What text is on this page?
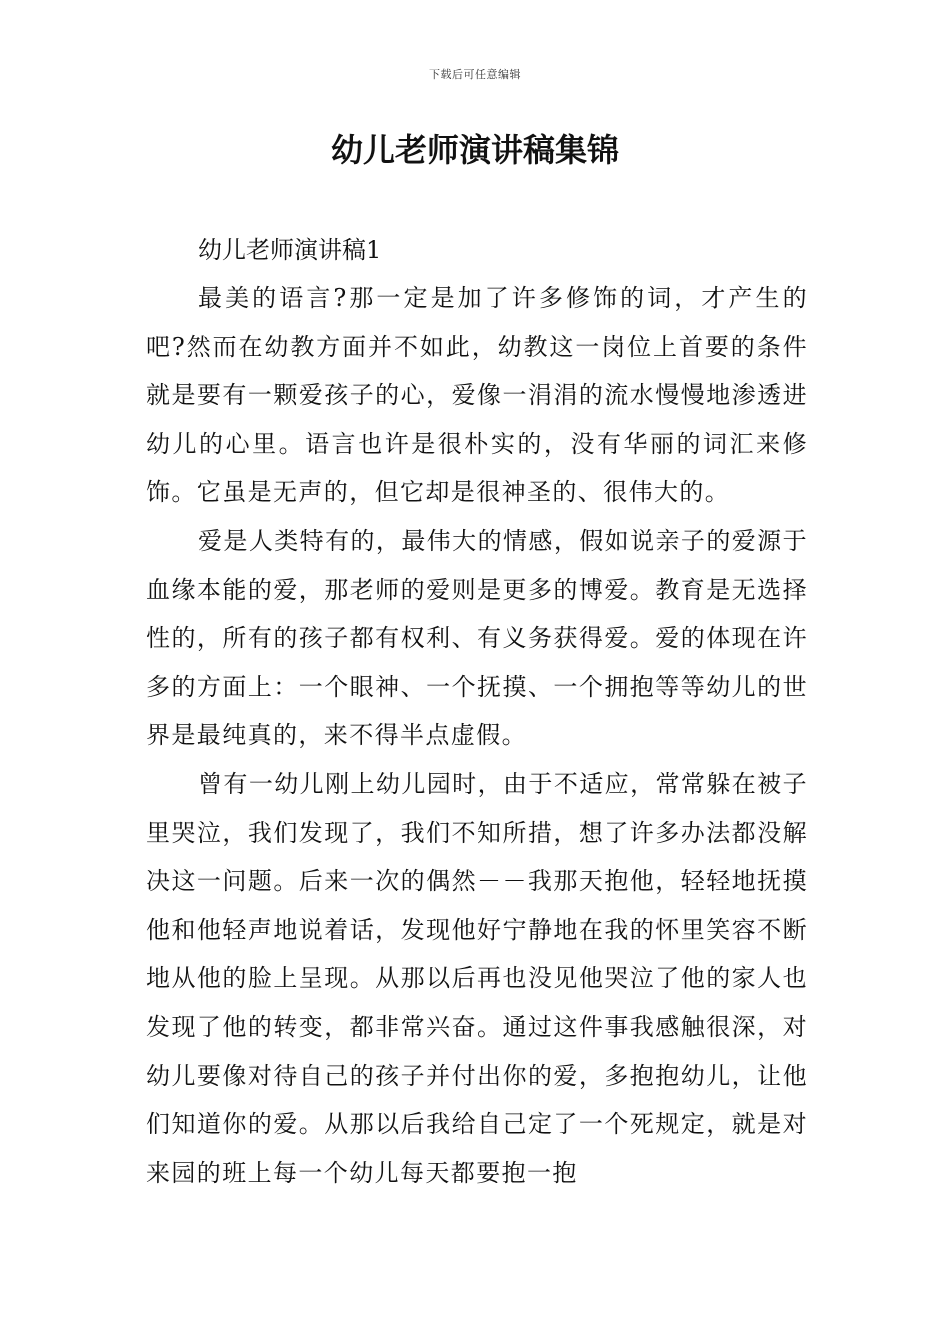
下载后可任意编辑
幼儿老师演讲稿集锦

幼儿老师演讲稿1

最美的语言?那一定是加了许多修饰的词，才产生的吧?然而在幼教方面并不如此，幼教这一岗位上首要的条件就是要有一颗爱孩子的心，爱像一涓涓的流水慢慢地渗透进幼儿的心里。语言也许是很朴实的，没有华丽的词汇来修饰。它虽是无声的，但它却是很神圣的、很伟大的。

爱是人类特有的，最伟大的情感，假如说亲子的爱源于血缘本能的爱，那老师的爱则是更多的博爱。教育是无选择性的，所有的孩子都有权利、有义务获得爱。爱的体现在许多的方面上：一个眼神、一个抚摸、一个拥抱等等幼儿的世界是最纯真的，来不得半点虚假。

曾有一幼儿刚上幼儿园时，由于不适应，常常躲在被子里哭泣，我们发现了，我们不知所措，想了许多办法都没解决这一问题。后来一次的偶然－－我那天抱他，轻轻地抚摸他和他轻声地说着话，发现他好宁静地在我的怀里笑容不断地从他的脸上呈现。从那以后再也没见他哭泣了他的家人也发现了他的转变，都非常兴奋。通过这件事我感触很深，对幼儿要像对待自己的孩子并付出你的爱，多抱抱幼儿，让他们知道你的爱。从那以后我给自己定了一个死规定，就是对来园的班上每一个幼儿每天都要抱一抱
